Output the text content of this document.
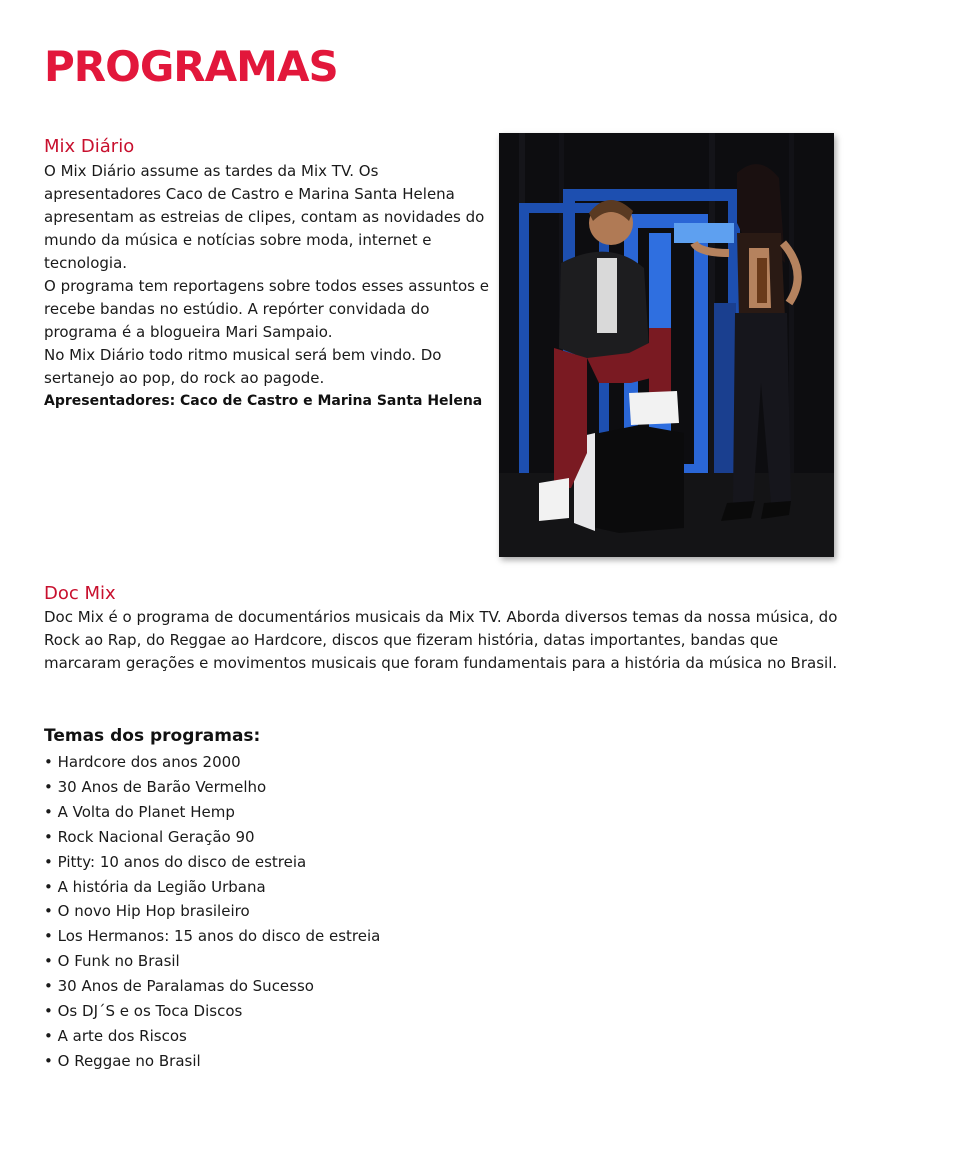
PROGRAMAS
Mix Diário

O Mix Diário assume as tardes da Mix TV. Os apresentadores Caco de Castro e Marina Santa Helena apresentam as estreias de clipes, contam as novidades do mundo da música e notícias sobre moda, internet e tecnologia.

O programa tem reportagens sobre todos esses assuntos e recebe bandas no estúdio. A repórter convidada do programa é a blogueira Mari Sampaio.

No Mix Diário todo ritmo musical será bem vindo. Do sertanejo ao pop, do rock ao pagode.

Apresentadores: Caco de Castro e Marina Santa Helena

Doc Mix

Doc Mix é o programa de documentários musicais da Mix TV. Aborda diversos temas da nossa música, do Rock ao Rap, do Reggae ao Hardcore, discos que fizeram história, datas importantes, bandas que marcaram gerações e movimentos musicais que foram fundamentais para a história da música no Brasil.

Temas dos programas:
• Hardcore dos anos 2000
• 30 Anos de Barão Vermelho
• A Volta do Planet Hemp
• Rock Nacional Geração 90
• Pitty: 10 anos do disco de estreia
• A história da Legião Urbana
• O novo Hip Hop brasileiro
• Los Hermanos: 15 anos do disco de estreia
• O Funk no Brasil
• 30 Anos de Paralamas do Sucesso
• Os DJ´S e os Toca Discos
• A arte dos Riscos
• O Reggae no Brasil
